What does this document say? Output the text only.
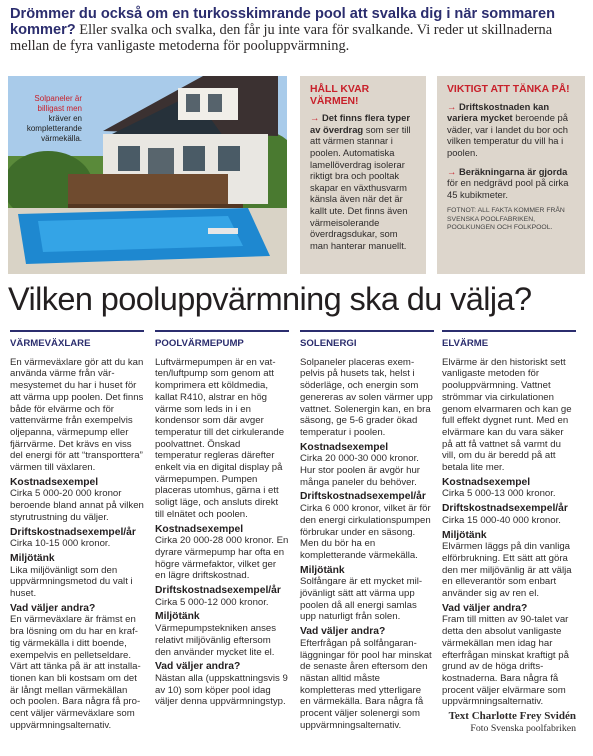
Drömmer du också om en turkosskimrande pool att svalka dig i när sommaren kommer? Eller svalka och svalka, den får ju inte vara för svalkande. Vi reder ut skillnaderna mellan de fyra vanligaste metoderna för pooluppvärmning.
Solpaneler är billigast men kräver en kompletterande värmekälla.
HÅLL KVAR VÄRMEN!

→ Det finns flera typer av överdrag som ser till att värmen stannar i poolen. Automatiska lamellöverdrag isolerar riktigt bra och pooltak skapar en växthusvarm känsla även när det är kallt ute. Det finns även värmeisolerande överdragsdukar, som man hanterar manuellt.

VIKTIGT ATT TÄNKA PÅ!

→ Driftskostnaden kan variera mycket beroende på väder, var i landet du bor och vilken temperatur du vill ha i poolen.

→ Beräkningarna är gjorda för en nedgrävd pool på cirka 45 kubikmeter.

FOTNOT: ALL FAKTA KOMMER FRÅN SVENSKA POOLFABRIKEN, POOLKUNGEN OCH FOLKPOOL.
Vilken pooluppvärmning ska du välja?
VÄRMEVÄXLARE

En värmeväxlare gör att du kan använda värme från värmesystemet du har i huset för att värma upp poolen. Det finns både för elvärme och för vattenvärme från exempelvis oljepanna, värmepump eller fjärrvärme. Det krävs en viss del energi för att “transporttera” värmen till växlaren.

Kostnadsexempel

Cirka 5 000-20 000 kronor beroende bland annat på vilken styrutrustning du väljer.

Driftskostnadsexempel/år

Cirka 10-15 000 kronor.

Miljötänk

Lika miljövänligt som den uppvärmningsmetod du valt i huset.

Vad väljer andra?

En värmeväxlare är främst en bra lösning om du har en kraftig värmekälla i ditt boende, exempelvis en pelletseldare. Värt att tänka på är att installationen kan bli kostsam om det är långt mellan värmekällan och poolen. Bara några få procent väljer värmeväxlare som uppvärmningsalternativ.

POOLVÄRMEPUMP

Luftvärmepumpen är en vatten/luftpump som genom att komprimera ett köldmedia, kallat R410, alstrar en hög värme som leds in i en kondensor som där avger temperatur till det cirkulerande poolvattnet. Önskad temperatur regleras därefter enkelt via en digital display på värmepumpen. Pumpen placeras utomhus, gärna i ett soligt läge, och ansluts direkt till elnätet och poolen.

Kostnadsexempel

Cirka 20 000-28 000 kronor. En dyrare värmepump har ofta en högre värmefaktor, vilket ger en lägre driftskostnad.

Driftskostnadsexempel/år

Cirka 5 000-12 000 kronor.

Miljötänk

Värmepumpstekniken anses relativt miljövänlig eftersom den använder mycket lite el.

Vad väljer andra?

Nästan alla (uppskattningsvis 9 av 10) som köper pool idag väljer denna uppvärmningstyp.

SOLENERGI

Solpaneler placeras exempelvis på husets tak, helst i söderläge, och energin som genereras av solen värmer upp vattnet. Solenergin kan, en bra säsong, ge 5-6 grader ökad temperatur i poolen.

Kostnadsexempel

Cirka 20 000-30 000 kronor. Hur stor poolen är avgör hur många paneler du behöver.

Driftskostnadsexempel/år

Cirka 6 000 kronor, vilket är för den energi cirkulationspumpen förbrukar under en säsong. Men du bör ha en kompletterande värmekälla.

Miljötänk

Solfångare är ett mycket miljövänligt sätt att värma upp poolen då all energi samlas upp naturligt från solen.

Vad väljer andra?

Efterfrågan på solfångaranläggningar för pool har minskat de senaste åren eftersom den nästan alltid måste kompletteras med ytterligare en värmekälla. Bara några få procent väljer solenergi som uppvärmningsalternativ.

ELVÄRME

Elvärme är den historiskt sett vanligaste metoden för pooluppvärmning. Vattnet strömmar via cirkulationen genom elvarmaren och kan ge full effekt dygnet runt. Med en elvärmare kan du vara säker på att få vattnet så varmt du vill, om du är beredd på att betala lite mer.

Kostnadsexempel

Cirka 5 000-13 000 kronor.

Driftskostnadsexempel/år

Cirka 15 000-40 000 kronor.

Miljötänk

Elvärmen läggs på din vanliga elförbrukning. Ett sätt att göra den mer miljövänlig är att välja en elleverantör som enbart använder sig av ren el.

Vad väljer andra?

Fram till mitten av 90-talet var detta den absolut vanligaste värmekällan men idag har efterfrågan minskat kraftigt på grund av de höga driftskostnaderna. Bara några få procent väljer elvärmare som uppvärmningsalternativ.

Text Charlotte Frey Svidén
Foto Svenska poolfabriken
